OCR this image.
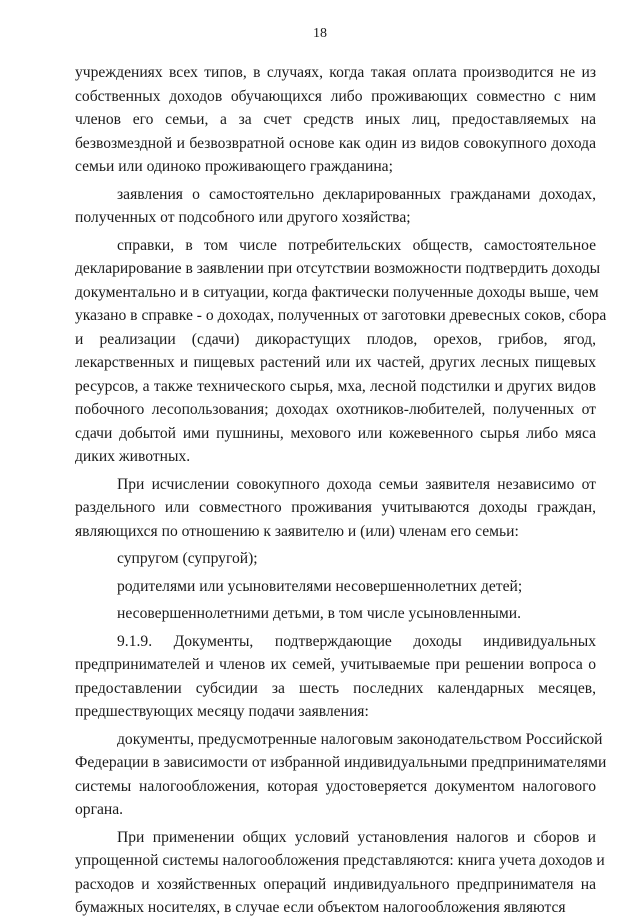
18
учреждениях всех типов, в случаях, когда такая оплата производится не из
собственных доходов обучающихся либо проживающих совместно с ним
членов его семьи, а за счет средств иных лиц, предоставляемых на
безвозмездной и безвозвратной основе как один из видов совокупного дохода
семьи или одиноко проживающего гражданина;
заявления о самостоятельно декларированных гражданами доходах,
полученных от подсобного или другого хозяйства;
справки, в том числе потребительских обществ, самостоятельное
декларирование в заявлении при отсутствии возможности подтвердить доходы
документально и в ситуации, когда фактически полученные доходы выше, чем
указано в справке - о доходах, полученных от заготовки древесных соков, сбора
и реализации (сдачи) дикорастущих плодов, орехов, грибов, ягод,
лекарственных и пищевых растений или их частей, других лесных пищевых
ресурсов, а также технического сырья, мха, лесной подстилки и других видов
побочного лесопользования; доходах охотников-любителей, полученных от
сдачи добытой ими пушнины, мехового или кожевенного сырья либо мяса
диких животных.
При исчислении совокупного дохода семьи заявителя независимо от
раздельного или совместного проживания учитываются доходы граждан,
являющихся по отношению к заявителю и (или) членам его семьи:
супругом (супругой);
родителями или усыновителями несовершеннолетних детей;
несовершеннолетними детьми, в том числе усыновленными.
9.1.9. Документы, подтверждающие доходы индивидуальных
предпринимателей и членов их семей, учитываемые при решении вопроса о
предоставлении субсидии за шесть последних календарных месяцев,
предшествующих месяцу подачи заявления:
документы, предусмотренные налоговым законодательством Российской
Федерации в зависимости от избранной индивидуальными предпринимателями
системы налогообложения, которая удостоверяется документом налогового
органа.
При применении общих условий установления налогов и сборов и
упрощенной системы налогообложения представляются: книга учета доходов и
расходов и хозяйственных операций индивидуального предпринимателя на
бумажных носителях, в случае если объектом налогообложения являются
